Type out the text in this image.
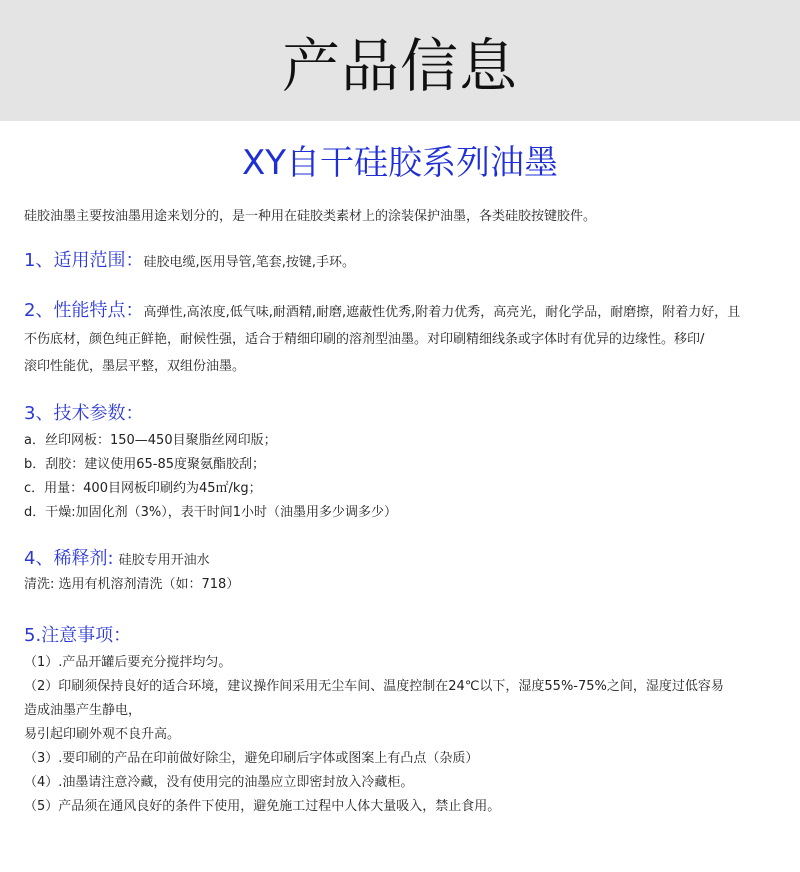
产品信息
XY自干硅胶系列油墨
硅胶油墨主要按油墨用途来划分的，是一种用在硅胶类素材上的涂装保护油墨，各类硅胶按键胶件。
1、适用范围：硅胶电缆,医用导管,笔套,按键,手环。
2、性能特点：高弹性,高浓度,低气味,耐酒精,耐磨,遮蔽性优秀,附着力优秀，高亮光，耐化学品，耐磨擦，附着力好，且
不伤底材，颜色纯正鲜艳，耐候性强，适合于精细印刷的溶剂型油墨。对印刷精细线条或字体时有优异的边缘性。移印/
滚印性能优，墨层平整，双组份油墨。
3、技术参数：
a．丝印网板：150—450目聚脂丝网印版；
b．刮胶：建议使用65-85度聚氨酯胶刮；
c．用量：400目网板印刷约为45㎡/kg；
d．干燥:加固化剂（3%），表干时间1小时（油墨用多少调多少）
4、稀释剂: 硅胶专用开油水
清洗: 选用有机溶剂清洗（如：718）
5.注意事项：
（1）.产品开罐后要充分搅拌均匀。
（2）印刷须保持良好的适合环境，建议操作间采用无尘车间、温度控制在24℃以下，湿度55%-75%之间，湿度过低容易
造成油墨产生静电，
易引起印刷外观不良升高。
（3）.要印刷的产品在印前做好除尘，避免印刷后字体或图案上有凸点（杂质）
（4）.油墨请注意冷藏，没有使用完的油墨应立即密封放入冷藏柜。
（5）产品须在通风良好的条件下使用，避免施工过程中人体大量吸入，禁止食用。
